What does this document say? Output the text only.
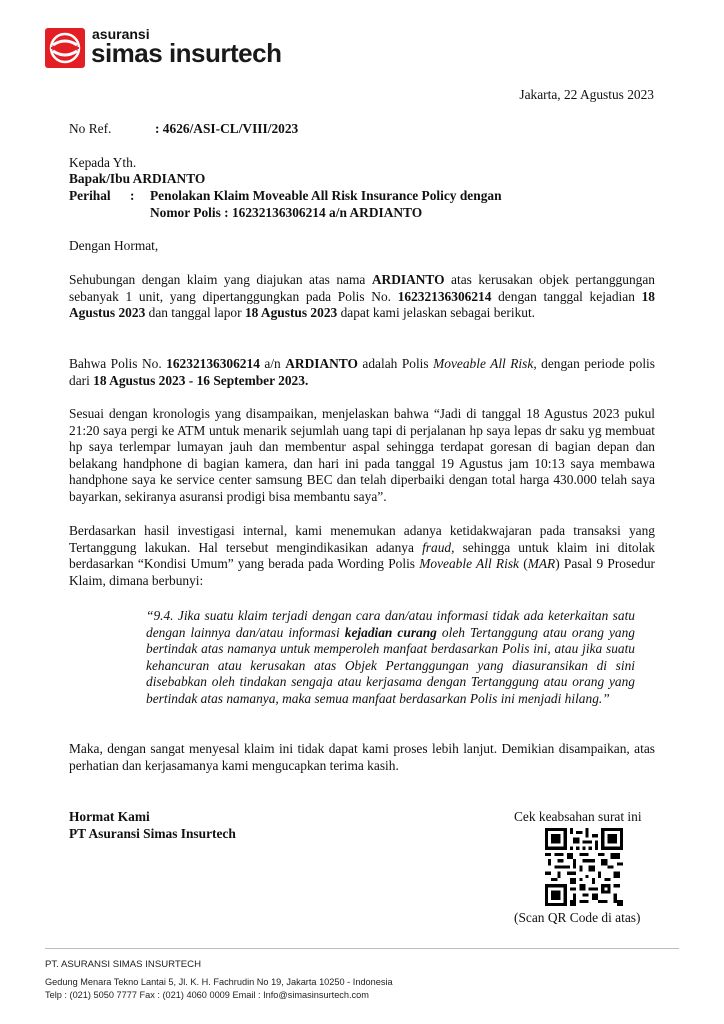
asuransi
simas insurtech
Jakarta, 22 Agustus 2023
No Ref.	: 4626/ASI-CL/VIII/2023
Kepada Yth.
Bapak/Ibu ARDIANTO
Perihal : Penolakan Klaim Moveable All Risk Insurance Policy dengan
Nomor Polis : 16232136306214 a/n ARDIANTO
Dengan Hormat,
Sehubungan dengan klaim yang diajukan atas nama ARDIANTO atas kerusakan objek pertanggungan sebanyak 1 unit, yang dipertanggungkan pada Polis No. 16232136306214 dengan tanggal kejadian 18 Agustus 2023 dan tanggal lapor 18 Agustus 2023 dapat kami jelaskan sebagai berikut.
Bahwa Polis No. 16232136306214 a/n ARDIANTO adalah Polis Moveable All Risk, dengan periode polis dari 18 Agustus 2023 - 16 September 2023.
Sesuai dengan kronologis yang disampaikan, menjelaskan bahwa “Jadi di tanggal 18 Agustus 2023 pukul 21:20 saya pergi ke ATM untuk menarik sejumlah uang tapi di perjalanan hp saya lepas dr saku yg membuat hp saya terlempar lumayan jauh dan membentur aspal sehingga terdapat goresan di bagian depan dan belakang handphone di bagian kamera, dan hari ini pada tanggal 19 Agustus jam 10:13 saya membawa handphone saya ke service center samsung BEC dan telah diperbaiki dengan total harga 430.000 telah saya bayarkan, sekiranya asuransi prodigi bisa membantu saya”.
Berdasarkan hasil investigasi internal, kami menemukan adanya ketidakwajaran pada transaksi yang Tertanggung lakukan. Hal tersebut mengindikasikan adanya fraud, sehingga untuk klaim ini ditolak berdasarkan “Kondisi Umum” yang berada pada Wording Polis Moveable All Risk (MAR) Pasal 9 Prosedur Klaim, dimana berbunyi:
“9.4. Jika suatu klaim terjadi dengan cara dan/atau informasi tidak ada keterkaitan satu dengan lainnya dan/atau informasi kejadian curang oleh Tertanggung atau orang yang bertindak atas namanya untuk memperoleh manfaat berdasarkan Polis ini, atau jika suatu kehancuran atau kerusakan atas Objek Pertanggungan yang diasuransikan di sini disebabkan oleh tindakan sengaja atau kerjasama dengan Tertanggung atau orang yang bertindak atas namanya, maka semua manfaat berdasarkan Polis ini menjadi hilang.”
Maka, dengan sangat menyesal klaim ini tidak dapat kami proses lebih lanjut. Demikian disampaikan, atas perhatian dan kerjasamanya kami mengucapkan terima kasih.
Hormat Kami
PT Asuransi Simas Insurtech
Cek keabsahan surat ini
(Scan QR Code di atas)
PT. ASURANSI SIMAS INSURTECH
Gedung Menara Tekno Lantai 5, Jl. K. H. Fachrudin No 19, Jakarta 10250 - Indonesia
Telp : (021) 5050 7777 Fax : (021) 4060 0009 Email : Info@simasinsurtech.com
